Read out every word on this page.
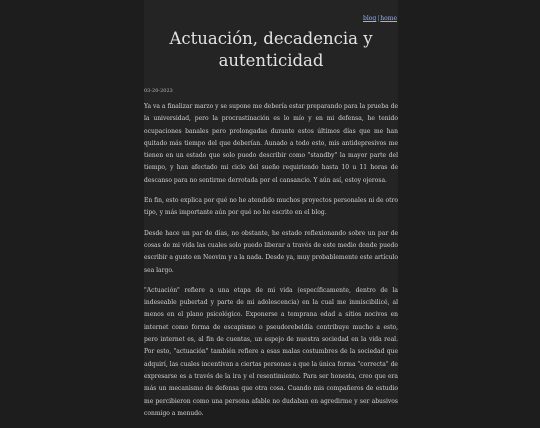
blog|home
Actuación, decadencia y autenticidad
03-20-2023

Ya va a finalizar marzo y se supone me debería estar preparando para la prueba de la universidad, pero la procrastinación es lo mío y en mi defensa, he tenido ocupaciones banales pero prolongadas durante estos últimos días que me han quitado más tiempo del que deberían. Aunado a todo esto, mis antidepresivos me tienen en un estado que solo puedo describir como "standby" la mayor parte del tiempo, y han afectado mi ciclo del sueño requiriendo hasta 10 u 11 horas de descanso para no sentirme derrotada por el cansancio. Y aún así, estoy ojerosa.

En fin, esto explica por qué no he atendido muchos proyectos personales ni de otro tipo, y más importante aún por qué no he escrito en el blog.

Desde hace un par de días, no obstante, he estado reflexionando sobre un par de cosas de mi vida las cuales solo puedo liberar a través de este medio donde puedo escribir a gusto en Neovim y a la nada. Desde ya, muy probablemente este artículo sea largo.

"Actuación" refiere a una etapa de mi vida (específicamente, dentro de la indeseable pubertad y parte de mi adolescencia) en la cual me inmiscibilicé, al menos en el plano psicológico. Exponerse a temprana edad a sitios nocivos en internet como forma de escapismo o pseudorebeldía contribuye mucho a esto, pero internet es, al fin de cuentas, un espejo de nuestra sociedad en la vida real. Por esto, "actuación" también refiere a esas malas costumbres de la sociedad que adquirí, las cuales incentivan a ciertas personas a que la única forma "correcta" de expresarse es a través de la ira y el resentimiento. Para ser honesta, creo que era más un mecanismo de defensa que otra cosa. Cuando mis compañeros de estudio me percibieron como una persona afable no dudaban en agredirme y ser abusivos conmigo a menudo.
